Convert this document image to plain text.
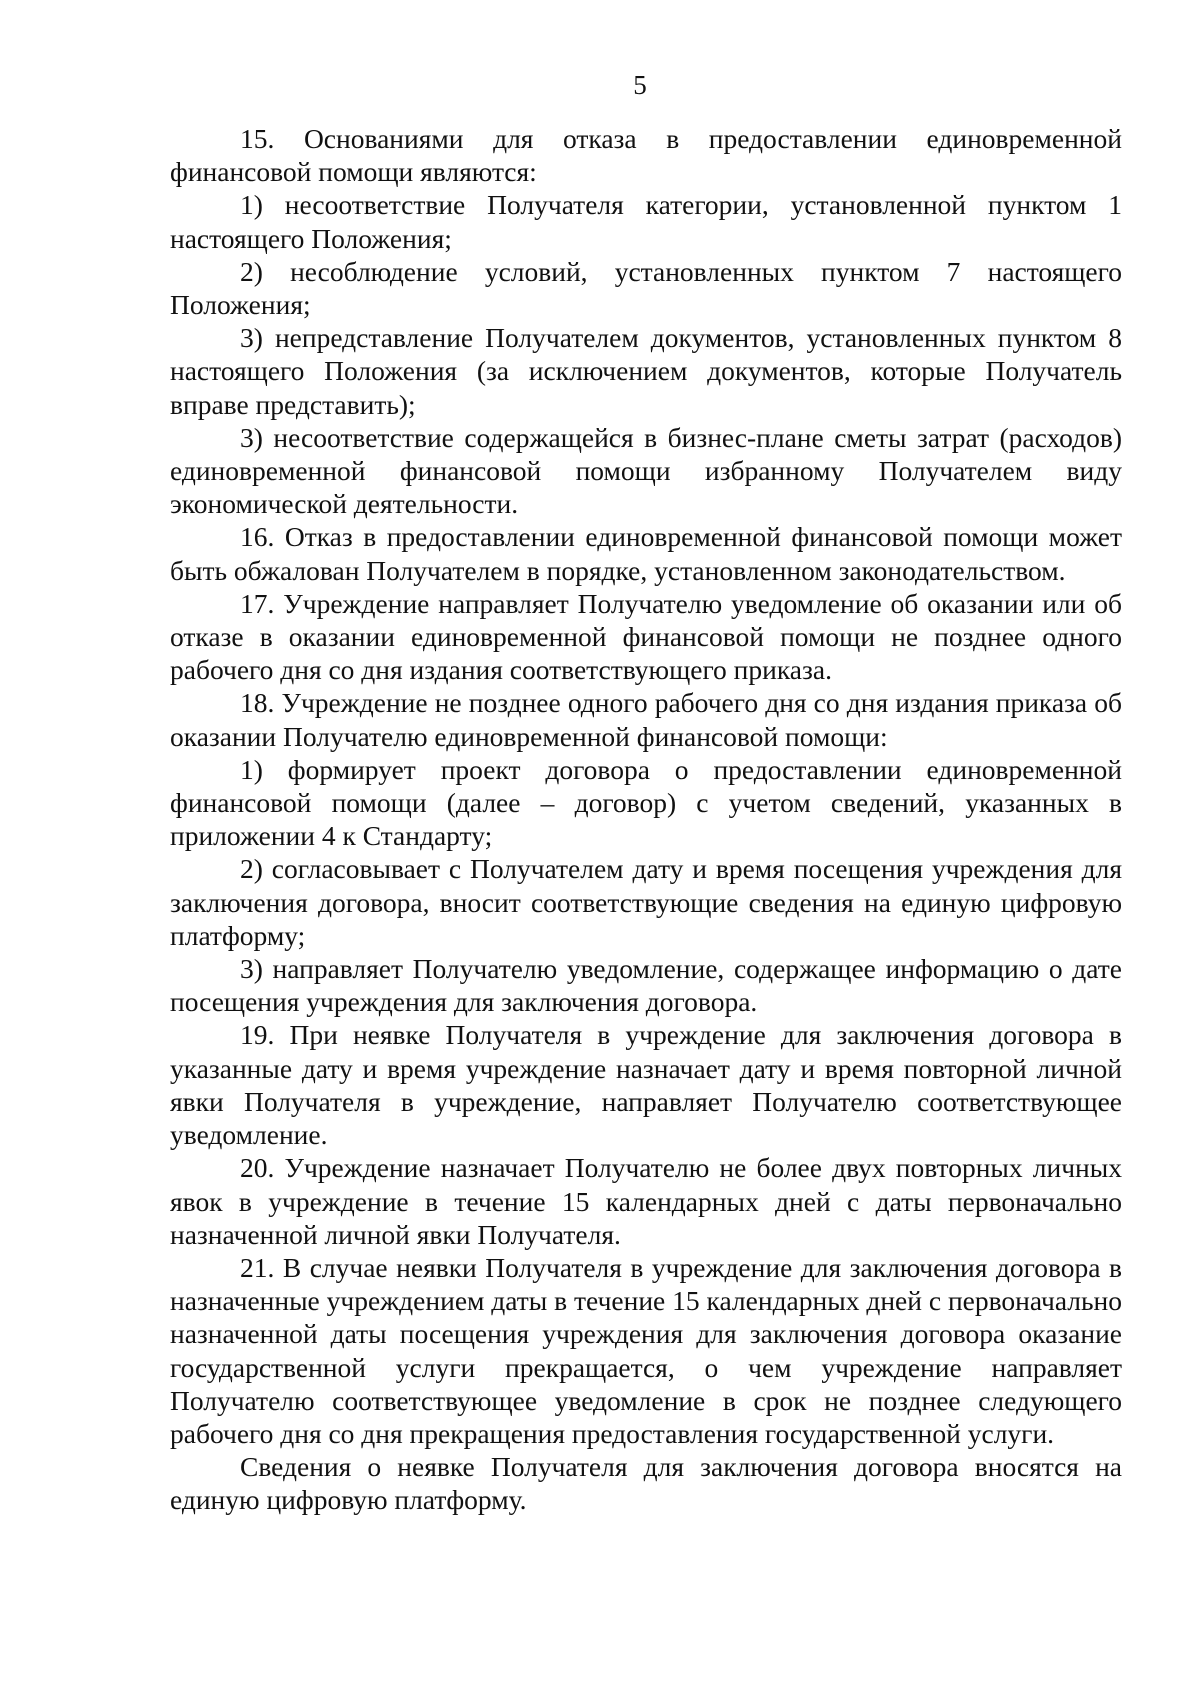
5

15. Основаниями для отказа в предоставлении единовременной финансовой помощи являются:

1) несоответствие Получателя категории, установленной пунктом 1 настоящего Положения;

2) несоблюдение условий, установленных пунктом 7 настоящего Положения;

3) непредставление Получателем документов, установленных пунктом 8 настоящего Положения (за исключением документов, которые Получатель вправе представить);

3) несоответствие содержащейся в бизнес-плане сметы затрат (расходов) единовременной финансовой помощи избранному Получателем виду экономической деятельности.

16. Отказ в предоставлении единовременной финансовой помощи может быть обжалован Получателем в порядке, установленном законодательством.

17. Учреждение направляет Получателю уведомление об оказании или об отказе в оказании единовременной финансовой помощи не позднее одного рабочего дня со дня издания соответствующего приказа.

18. Учреждение не позднее одного рабочего дня со дня издания приказа об оказании Получателю единовременной финансовой помощи:

1) формирует проект договора о предоставлении единовременной финансовой помощи (далее – договор) с учетом сведений, указанных в приложении 4 к Стандарту;

2) согласовывает с Получателем дату и время посещения учреждения для заключения договора, вносит соответствующие сведения на единую цифровую платформу;

3) направляет Получателю уведомление, содержащее информацию о дате посещения учреждения для заключения договора.

19. При неявке Получателя в учреждение для заключения договора в указанные дату и время учреждение назначает дату и время повторной личной явки Получателя в учреждение, направляет Получателю соответствующее уведомление.

20. Учреждение назначает Получателю не более двух повторных личных явок в учреждение в течение 15 календарных дней с даты первоначально назначенной личной явки Получателя.

21. В случае неявки Получателя в учреждение для заключения договора в назначенные учреждением даты в течение 15 календарных дней с первоначально назначенной даты посещения учреждения для заключения договора оказание государственной услуги прекращается, о чем учреждение направляет Получателю соответствующее уведомление в срок не позднее следующего рабочего дня со дня прекращения предоставления государственной услуги.

Сведения о неявке Получателя для заключения договора вносятся на единую цифровую платформу.
